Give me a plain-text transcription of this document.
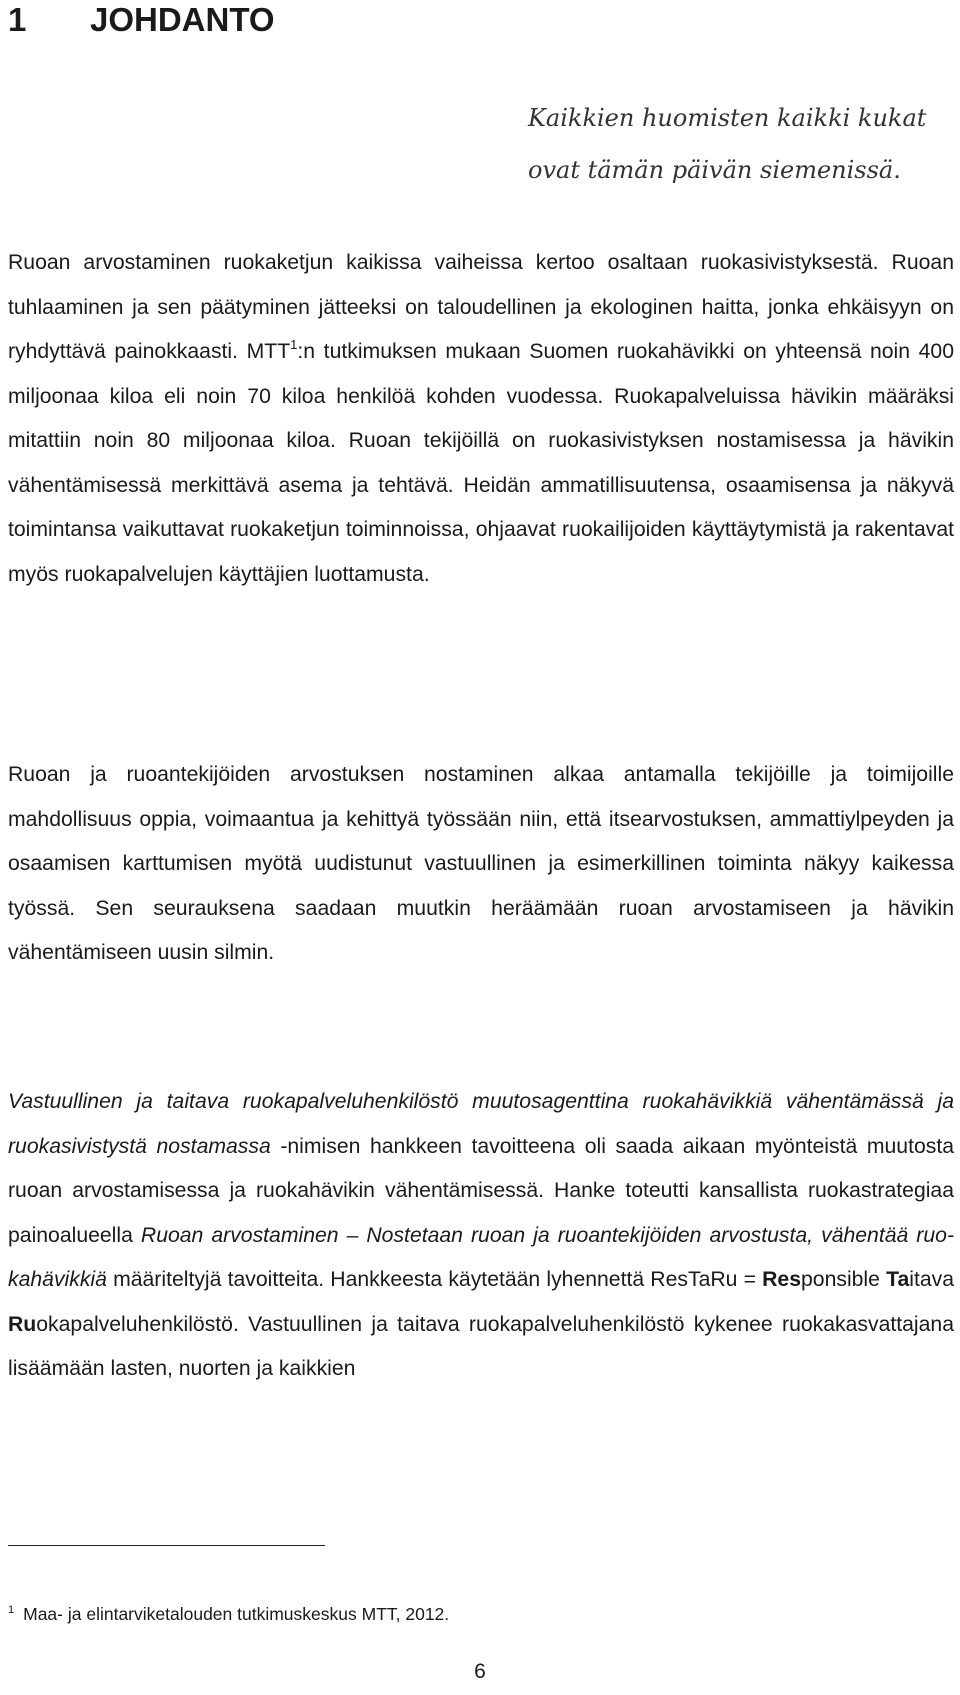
1 JOHDANTO
Kaikkien huomisten kaikki kukat
ovat tämän päivän siemenissä.

Ruoan arvostaminen ruokaketjun kaikissa vaiheissa kertoo osaltaan ruokasivistyksestä. Ruoan tuhlaaminen ja sen päätyminen jätteeksi on taloudellinen ja ekologinen haitta, jonka ehkäisyyn on ryhdyttävä painokkaasti. MTT$^1$:n tutkimuksen mukaan Suomen ruokahävikki on yhteensä noin 400 miljoonaa kiloa eli noin 70 kiloa henkilöä kohden vuodessa. Ruokapalveluissa hävikin määräksi mitattiin noin 80 miljoonaa kiloa. Ruoan tekijöillä on ruokasivistyksen nostamisessa ja hävikin vähentämisessä merkittävä asema ja tehtävä. Heidän ammatillisuutensa, osaamisensa ja näkyvä toimintansa vaikuttavat ruokaketjun toiminnoissa, ohjaavat ruokailijoiden käyttäytymistä ja rakentavat myös ruokapalvelujen käyttäjien luottamusta.

Ruoan ja ruoantekijöiden arvostuksen nostaminen alkaa antamalla tekijöille ja toimijoille mahdollisuus oppia, voimaantua ja kehittyä työssään niin, että itsearvostuksen, ammattiylpeyden ja osaamisen karttumisen myötä uudistunut vastuullinen ja esimerkillinen toiminta näkyy kaikessa työssä. Sen seurauksena saadaan muutkin heräämään ruoan arvostamiseen ja hävikin vähentämiseen uusin silmin.

Vastuullinen ja taitava ruokapalveluhenkilöstö muutosagenttina ruokahävikkiä vähentämässä ja ruokasivistystä nostamassa -nimisen hankkeen tavoitteena oli saada aikaan myönteistä muutosta ruoan arvostamisessa ja ruokahävikin vähentämisessä. Hanke toteutti kansallista ruokastrategiaa painoalueella Ruoan arvostaminen – Nostetaan ruoan ja ruoantekijöiden arvostusta, vähentää ruokahävikkiä määriteltyjä tavoitteita. Hankkeesta käytetään lyhennettä ResTaRu = Responsible Taitava Ruokapalveluhenkilöstö. Vastuullinen ja taitava ruokapalveluhenkilöstö kykenee ruokakasvattajana lisäämään lasten, nuorten ja kaikkien

$^1$ Maa- ja elintarviketalouden tutkimuskeskus MTT, 2012.
6
